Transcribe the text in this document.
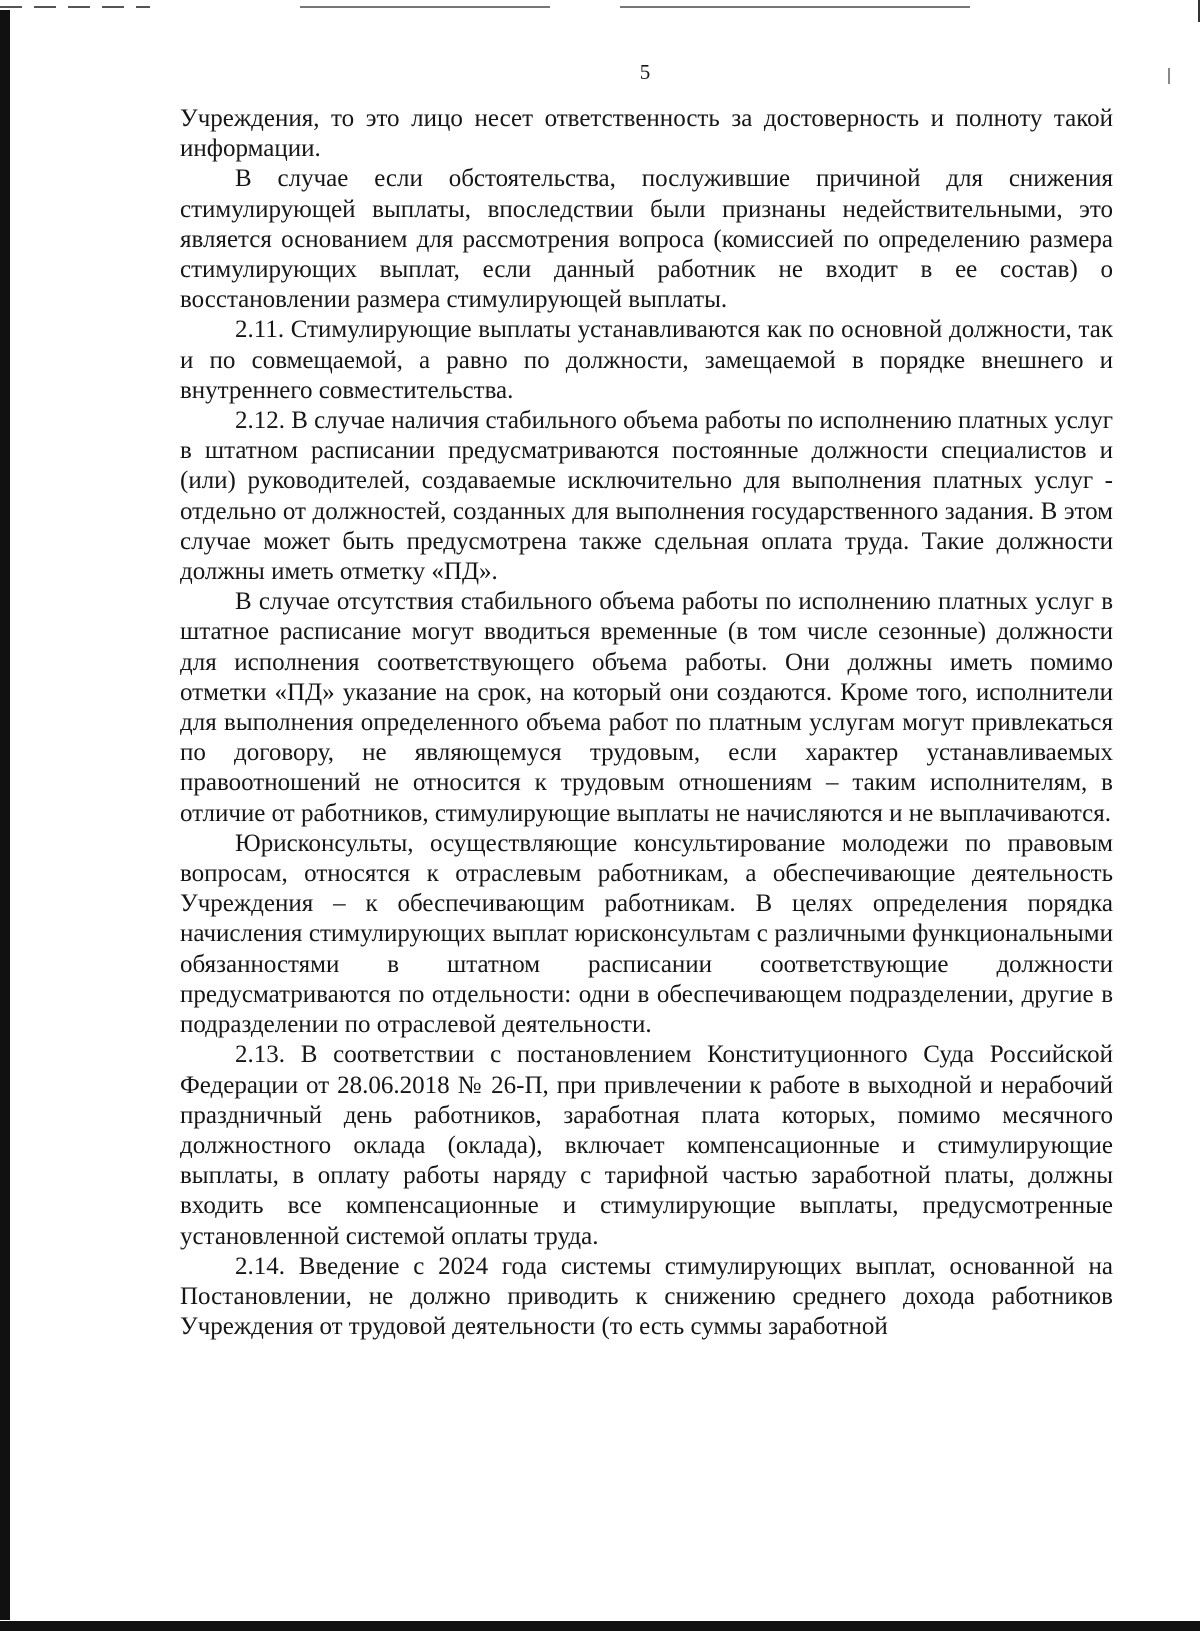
5

Учреждения, то это лицо несет ответственность за достоверность и полноту такой информации.

В случае если обстоятельства, послужившие причиной для снижения стимулирующей выплаты, впоследствии были признаны недействительными, это является основанием для рассмотрения вопроса (комиссией по определению размера стимулирующих выплат, если данный работник не входит в ее состав) о восстановлении размера стимулирующей выплаты.

2.11. Стимулирующие выплаты устанавливаются как по основной должности, так и по совмещаемой, а равно по должности, замещаемой в порядке внешнего и внутреннего совместительства.

2.12. В случае наличия стабильного объема работы по исполнению платных услуг в штатном расписании предусматриваются постоянные должности специалистов и (или) руководителей, создаваемые исключительно для выполнения платных услуг - отдельно от должностей, созданных для выполнения государственного задания. В этом случае может быть предусмотрена также сдельная оплата труда. Такие должности должны иметь отметку «ПД».

В случае отсутствия стабильного объема работы по исполнению платных услуг в штатное расписание могут вводиться временные (в том числе сезонные) должности для исполнения соответствующего объема работы. Они должны иметь помимо отметки «ПД» указание на срок, на который они создаются. Кроме того, исполнители для выполнения определенного объема работ по платным услугам могут привлекаться по договору, не являющемуся трудовым, если характер устанавливаемых правоотношений не относится к трудовым отношениям – таким исполнителям, в отличие от работников, стимулирующие выплаты не начисляются и не выплачиваются.

Юрисконсульты, осуществляющие консультирование молодежи по правовым вопросам, относятся к отраслевым работникам, а обеспечивающие деятельность Учреждения – к обеспечивающим работникам. В целях определения порядка начисления стимулирующих выплат юрисконсультам с различными функциональными обязанностями в штатном расписании соответствующие должности предусматриваются по отдельности: одни в обеспечивающем подразделении, другие в подразделении по отраслевой деятельности.

2.13. В соответствии с постановлением Конституционного Суда Российской Федерации от 28.06.2018 № 26-П, при привлечении к работе в выходной и нерабочий праздничный день работников, заработная плата которых, помимо месячного должностного оклада (оклада), включает компенсационные и стимулирующие выплаты, в оплату работы наряду с тарифной частью заработной платы, должны входить все компенсационные и стимулирующие выплаты, предусмотренные установленной системой оплаты труда.

2.14. Введение с 2024 года системы стимулирующих выплат, основанной на Постановлении, не должно приводить к снижению среднего дохода работников Учреждения от трудовой деятельности (то есть суммы заработной
